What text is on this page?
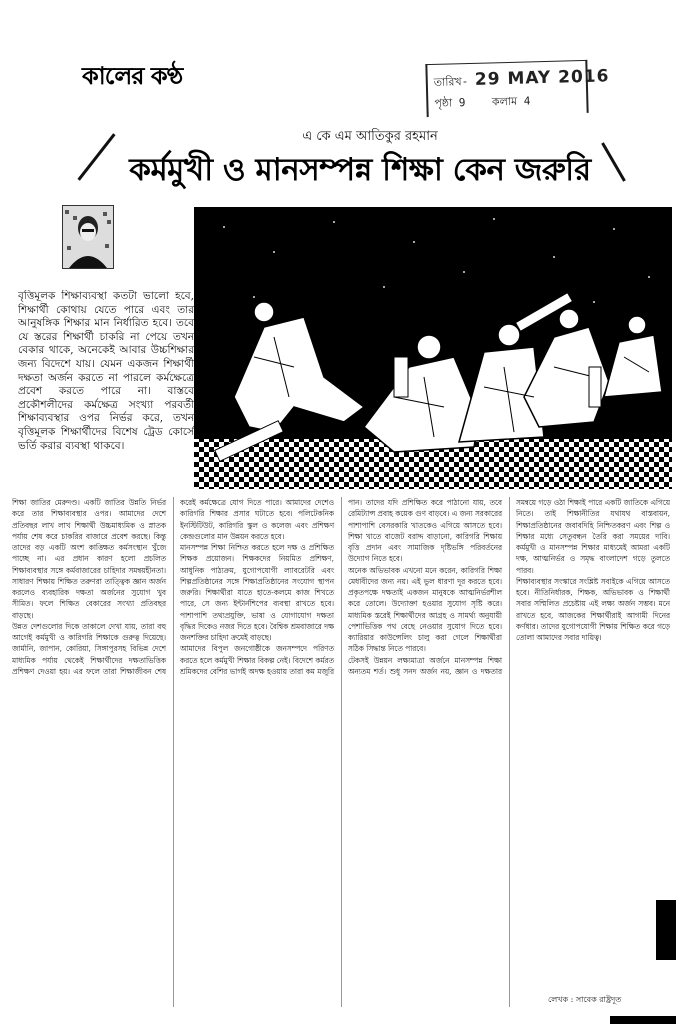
কালের কণ্ঠ	তারিখ- 29 MAY 2016
পৃষ্ঠা 9 কলাম 4
এ কে এম আতিকুর রহমান
কর্মমুখী ও মানসম্পন্ন শিক্ষা কেন জরুরি
বৃত্তিমূলক শিক্ষাব্যবস্থা কতটা ভালো হবে, শিক্ষার্থী কোথায় যেতে পারে এবং তার আনুষঙ্গিক শিক্ষার মান নির্ধারিত হবে। তবে যে স্তরের শিক্ষার্থী চাকরি না পেয়ে তখন বেকার থাকে, অনেকেই আবার উচ্চশিক্ষার জন্য বিদেশে যায়। যেমন একজন শিক্ষার্থী দক্ষতা অর্জন করতে না পারলে কর্মক্ষেত্রে প্রবেশ করতে পারে না। বাস্তবে প্রকৌশলীদের কর্মক্ষেত্র সংখ্যা পরবর্তী শিক্ষাব্যবস্থার ওপর নির্ভর করে, তখন বৃত্তিমূলক শিক্ষার্থীদের বিশেষ ট্রেড কোর্সে ভর্তি করার ব্যবস্থা থাকবে।

শিক্ষা জাতির মেরুদণ্ড। একটি জাতির উন্নতি নির্ভর করে তার শিক্ষাব্যবস্থার ওপর। আমাদের দেশে প্রতিবছর লাখ লাখ শিক্ষার্থী উচ্চমাধ্যমিক ও স্নাতক পর্যায় শেষ করে চাকরির বাজারে প্রবেশ করছে। কিন্তু তাদের বড় একটি অংশ কাঙ্ক্ষিত কর্মসংস্থান খুঁজে পাচ্ছে না। এর প্রধান কারণ হলো প্রচলিত শিক্ষাব্যবস্থার সঙ্গে কর্মবাজারের চাহিদার সমন্বয়হীনতা। সাধারণ শিক্ষায় শিক্ষিত তরুণরা তাত্ত্বিক জ্ঞান অর্জন করলেও ব্যবহারিক দক্ষতা অর্জনের সুযোগ খুব সীমিত। ফলে শিক্ষিত বেকারের সংখ্যা প্রতিবছর বাড়ছে।

উন্নত দেশগুলোর দিকে তাকালে দেখা যায়, তারা বহু আগেই কর্মমুখী ও কারিগরি শিক্ষাকে গুরুত্ব দিয়েছে। জার্মানি, জাপান, কোরিয়া, সিঙ্গাপুরসহ বিভিন্ন দেশে মাধ্যমিক পর্যায় থেকেই শিক্ষার্থীদের দক্ষতাভিত্তিক প্রশিক্ষণ দেওয়া হয়। এর ফলে তারা শিক্ষাজীবন শেষ করেই কর্মক্ষেত্রে যোগ দিতে পারে। আমাদের দেশেও কারিগরি শিক্ষার প্রসার ঘটাতে হবে। পলিটেকনিক ইনস্টিটিউট, কারিগরি স্কুল ও কলেজ এবং প্রশিক্ষণ কেন্দ্রগুলোর মান উন্নয়ন করতে হবে।

মানসম্পন্ন শিক্ষা নিশ্চিত করতে হলে দক্ষ ও প্রশিক্ষিত শিক্ষক প্রয়োজন। শিক্ষকদের নিয়মিত প্রশিক্ষণ, আধুনিক পাঠ্যক্রম, যুগোপযোগী ল্যাবরেটরি এবং শিল্পপ্রতিষ্ঠানের সঙ্গে শিক্ষাপ্রতিষ্ঠানের সংযোগ স্থাপন জরুরি। শিক্ষার্থীরা যাতে হাতে-কলমে কাজ শিখতে পারে, সে জন্য ইন্টার্নশিপের ব্যবস্থা রাখতে হবে। পাশাপাশি তথ্যপ্রযুক্তি, ভাষা ও যোগাযোগ দক্ষতা বৃদ্ধির দিকেও নজর দিতে হবে। বৈশ্বিক শ্রমবাজারে দক্ষ জনশক্তির চাহিদা ক্রমেই বাড়ছে।

আমাদের বিপুল জনগোষ্ঠীকে জনসম্পদে পরিণত করতে হলে কর্মমুখী শিক্ষার বিকল্প নেই। বিদেশে কর্মরত শ্রমিকদের বেশির ভাগই অদক্ষ হওয়ায় তারা কম মজুরি পান। তাদের যদি প্রশিক্ষিত করে পাঠানো যায়, তবে রেমিট্যান্স প্রবাহ কয়েক গুণ বাড়বে। এ জন্য সরকারের পাশাপাশি বেসরকারি খাতকেও এগিয়ে আসতে হবে। শিক্ষা খাতে বাজেট বরাদ্দ বাড়ানো, কারিগরি শিক্ষায় বৃত্তি প্রদান এবং সামাজিক দৃষ্টিভঙ্গি পরিবর্তনের উদ্যোগ নিতে হবে।

অনেক অভিভাবক এখনো মনে করেন, কারিগরি শিক্ষা মেধাবীদের জন্য নয়। এই ভুল ধারণা দূর করতে হবে। প্রকৃতপক্ষে দক্ষতাই একজন মানুষকে আত্মনির্ভরশীল করে তোলে। উদ্যোক্তা হওয়ার সুযোগ সৃষ্টি করে। মাধ্যমিক স্তরেই শিক্ষার্থীদের আগ্রহ ও সামর্থ্য অনুযায়ী পেশাভিত্তিক পথ বেছে নেওয়ার সুযোগ দিতে হবে। ক্যারিয়ার কাউন্সেলিং চালু করা গেলে শিক্ষার্থীরা সঠিক সিদ্ধান্ত নিতে পারবে।

টেকসই উন্নয়ন লক্ষ্যমাত্রা অর্জনে মানসম্পন্ন শিক্ষা অন্যতম শর্ত। শুধু সনদ অর্জন নয়, জ্ঞান ও দক্ষতার সমন্বয়ে গড়ে ওঠা শিক্ষাই পারে একটি জাতিকে এগিয়ে নিতে। তাই শিক্ষানীতির যথাযথ বাস্তবায়ন, শিক্ষাপ্রতিষ্ঠানের জবাবদিহি নিশ্চিতকরণ এবং শিল্প ও শিক্ষার মধ্যে সেতুবন্ধন তৈরি করা সময়ের দাবি। কর্মমুখী ও মানসম্পন্ন শিক্ষার মাধ্যমেই আমরা একটি দক্ষ, আত্মনির্ভর ও সমৃদ্ধ বাংলাদেশ গড়ে তুলতে পারব।

শিক্ষাব্যবস্থার সংস্কারে সংশ্লিষ্ট সবাইকে এগিয়ে আসতে হবে। নীতিনির্ধারক, শিক্ষক, অভিভাবক ও শিক্ষার্থী সবার সম্মিলিত প্রচেষ্টায় এই লক্ষ্য অর্জন সম্ভব। মনে রাখতে হবে, আজকের শিক্ষার্থীরাই আগামী দিনের কর্ণধার। তাদের যুগোপযোগী শিক্ষায় শিক্ষিত করে গড়ে তোলা আমাদের সবার দায়িত্ব।

লেখক : সাবেক রাষ্ট্রদূত
